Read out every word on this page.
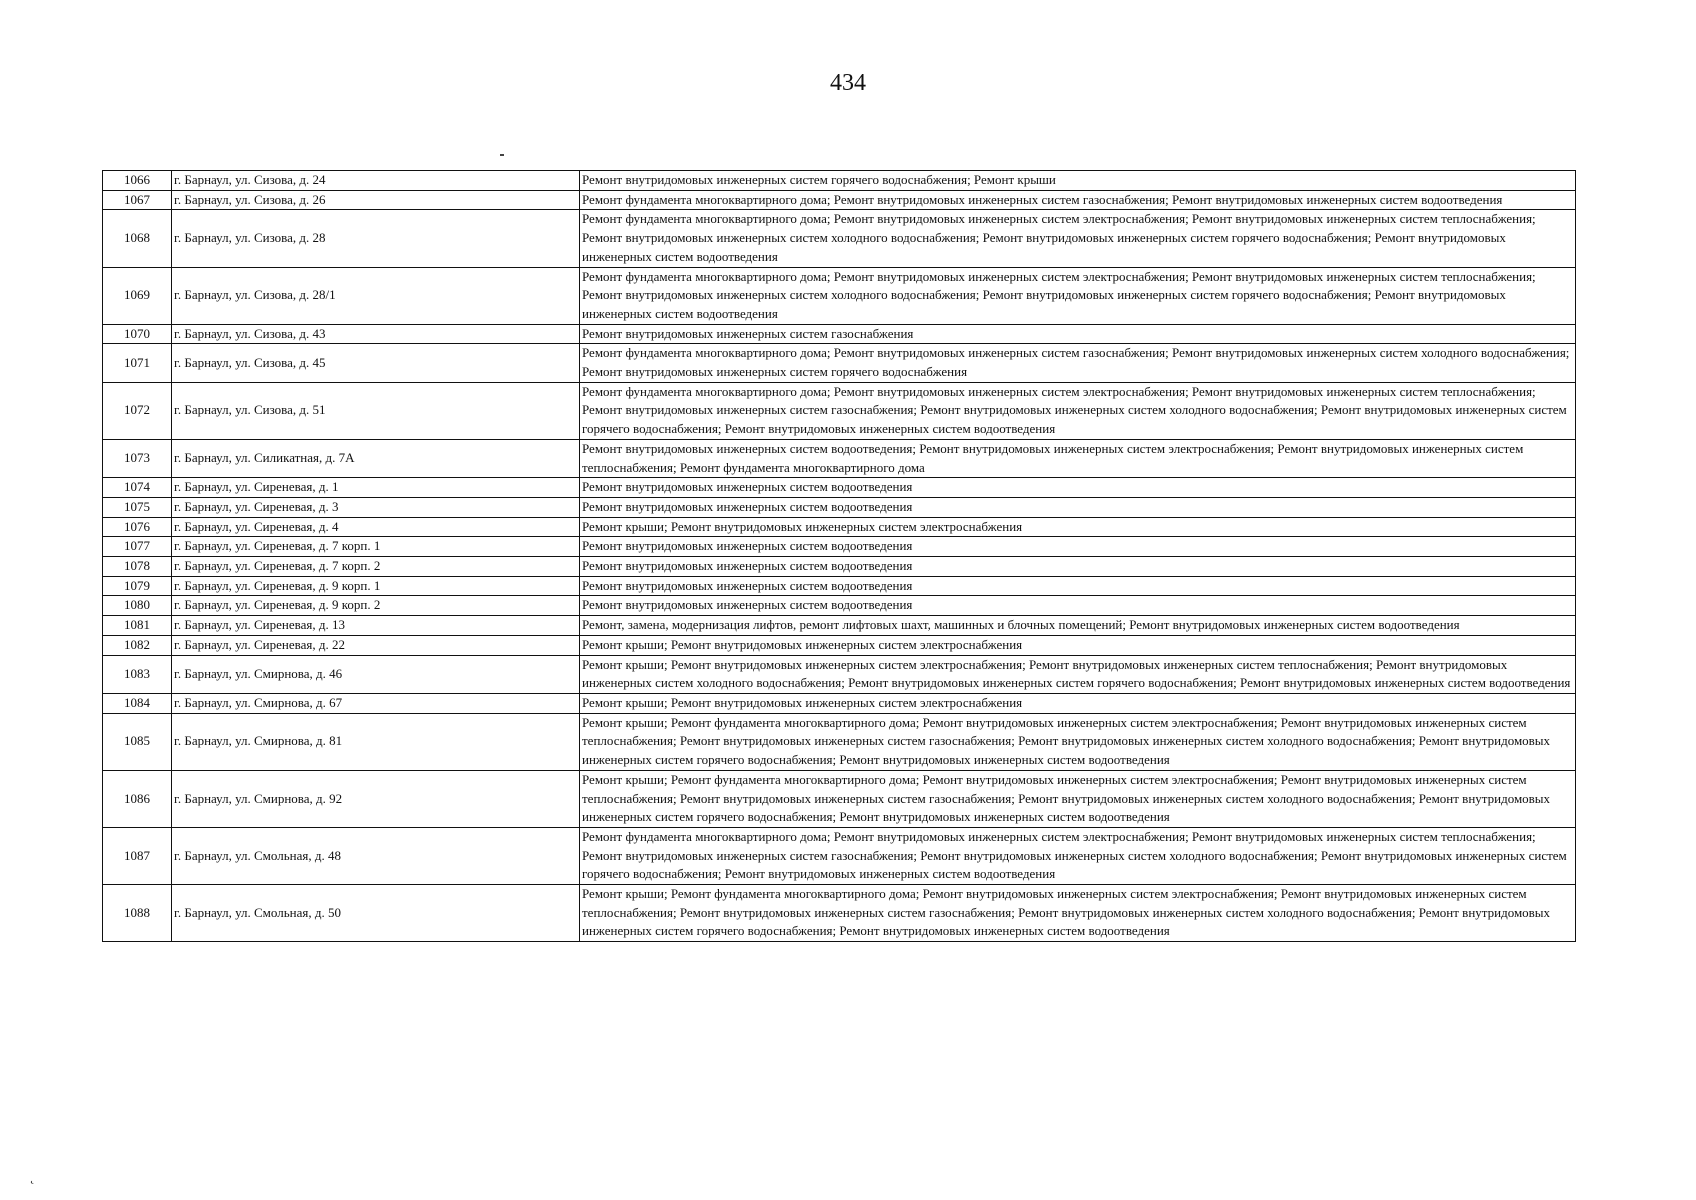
434
1066	г. Барнаул, ул. Сизова, д. 24	Ремонт внутридомовых инженерных систем горячего водоснабжения; Ремонт крыши
1067	г. Барнаул, ул. Сизова, д. 26	Ремонт фундамента многоквартирного дома; Ремонт внутридомовых инженерных систем газоснабжения; Ремонт внутридомовых инженерных систем водоотведения
1068	г. Барнаул, ул. Сизова, д. 28	Ремонт фундамента многоквартирного дома; Ремонт внутридомовых инженерных систем электроснабжения; Ремонт внутридомовых инженерных систем теплоснабжения; Ремонт внутридомовых инженерных систем холодного водоснабжения; Ремонт внутридомовых инженерных систем горячего водоснабжения; Ремонт внутридомовых инженерных систем водоотведения
1069	г. Барнаул, ул. Сизова, д. 28/1	Ремонт фундамента многоквартирного дома; Ремонт внутридомовых инженерных систем электроснабжения; Ремонт внутридомовых инженерных систем теплоснабжения; Ремонт внутридомовых инженерных систем холодного водоснабжения; Ремонт внутридомовых инженерных систем горячего водоснабжения; Ремонт внутридомовых инженерных систем водоотведения
1070	г. Барнаул, ул. Сизова, д. 43	Ремонт внутридомовых инженерных систем газоснабжения
1071	г. Барнаул, ул. Сизова, д. 45	Ремонт фундамента многоквартирного дома; Ремонт внутридомовых инженерных систем газоснабжения; Ремонт внутридомовых инженерных систем холодного водоснабжения; Ремонт внутридомовых инженерных систем горячего водоснабжения
1072	г. Барнаул, ул. Сизова, д. 51	Ремонт фундамента многоквартирного дома; Ремонт внутридомовых инженерных систем электроснабжения; Ремонт внутридомовых инженерных систем теплоснабжения; Ремонт внутридомовых инженерных систем газоснабжения; Ремонт внутридомовых инженерных систем холодного водоснабжения; Ремонт внутридомовых инженерных систем горячего водоснабжения; Ремонт внутридомовых инженерных систем водоотведения
1073	г. Барнаул, ул. Силикатная, д. 7А	Ремонт внутридомовых инженерных систем водоотведения; Ремонт внутридомовых инженерных систем электроснабжения; Ремонт внутридомовых инженерных систем теплоснабжения; Ремонт фундамента многоквартирного дома
1074	г. Барнаул, ул. Сиреневая, д. 1	Ремонт внутридомовых инженерных систем водоотведения
1075	г. Барнаул, ул. Сиреневая, д. 3	Ремонт внутридомовых инженерных систем водоотведения
1076	г. Барнаул, ул. Сиреневая, д. 4	Ремонт крыши; Ремонт внутридомовых инженерных систем электроснабжения
1077	г. Барнаул, ул. Сиреневая, д. 7 корп. 1	Ремонт внутридомовых инженерных систем водоотведения
1078	г. Барнаул, ул. Сиреневая, д. 7 корп. 2	Ремонт внутридомовых инженерных систем водоотведения
1079	г. Барнаул, ул. Сиреневая, д. 9 корп. 1	Ремонт внутридомовых инженерных систем водоотведения
1080	г. Барнаул, ул. Сиреневая, д. 9 корп. 2	Ремонт внутридомовых инженерных систем водоотведения
1081	г. Барнаул, ул. Сиреневая, д. 13	Ремонт, замена, модернизация лифтов, ремонт лифтовых шахт, машинных и блочных помещений; Ремонт внутридомовых инженерных систем водоотведения
1082	г. Барнаул, ул. Сиреневая, д. 22	Ремонт крыши; Ремонт внутридомовых инженерных систем электроснабжения
1083	г. Барнаул, ул. Смирнова, д. 46	Ремонт крыши; Ремонт внутридомовых инженерных систем электроснабжения; Ремонт внутридомовых инженерных систем теплоснабжения; Ремонт внутридомовых инженерных систем холодного водоснабжения; Ремонт внутридомовых инженерных систем горячего водоснабжения; Ремонт внутридомовых инженерных систем водоотведения
1084	г. Барнаул, ул. Смирнова, д. 67	Ремонт крыши; Ремонт внутридомовых инженерных систем электроснабжения
1085	г. Барнаул, ул. Смирнова, д. 81	Ремонт крыши; Ремонт фундамента многоквартирного дома; Ремонт внутридомовых инженерных систем электроснабжения; Ремонт внутридомовых инженерных систем теплоснабжения; Ремонт внутридомовых инженерных систем газоснабжения; Ремонт внутридомовых инженерных систем холодного водоснабжения; Ремонт внутридомовых инженерных систем горячего водоснабжения; Ремонт внутридомовых инженерных систем водоотведения
1086	г. Барнаул, ул. Смирнова, д. 92	Ремонт крыши; Ремонт фундамента многоквартирного дома; Ремонт внутридомовых инженерных систем электроснабжения; Ремонт внутридомовых инженерных систем теплоснабжения; Ремонт внутридомовых инженерных систем газоснабжения; Ремонт внутридомовых инженерных систем холодного водоснабжения; Ремонт внутридомовых инженерных систем горячего водоснабжения; Ремонт внутридомовых инженерных систем водоотведения
1087	г. Барнаул, ул. Смольная, д. 48	Ремонт фундамента многоквартирного дома; Ремонт внутридомовых инженерных систем электроснабжения; Ремонт внутридомовых инженерных систем теплоснабжения; Ремонт внутридомовых инженерных систем газоснабжения; Ремонт внутридомовых инженерных систем холодного водоснабжения; Ремонт внутридомовых инженерных систем горячего водоснабжения; Ремонт внутридомовых инженерных систем водоотведения
1088	г. Барнаул, ул. Смольная, д. 50	Ремонт крыши; Ремонт фундамента многоквартирного дома; Ремонт внутридомовых инженерных систем электроснабжения; Ремонт внутридомовых инженерных систем теплоснабжения; Ремонт внутридомовых инженерных систем газоснабжения; Ремонт внутридомовых инженерных систем холодного водоснабжения; Ремонт внутридомовых инженерных систем горячего водоснабжения; Ремонт внутридомовых инженерных систем водоотведения
˛
